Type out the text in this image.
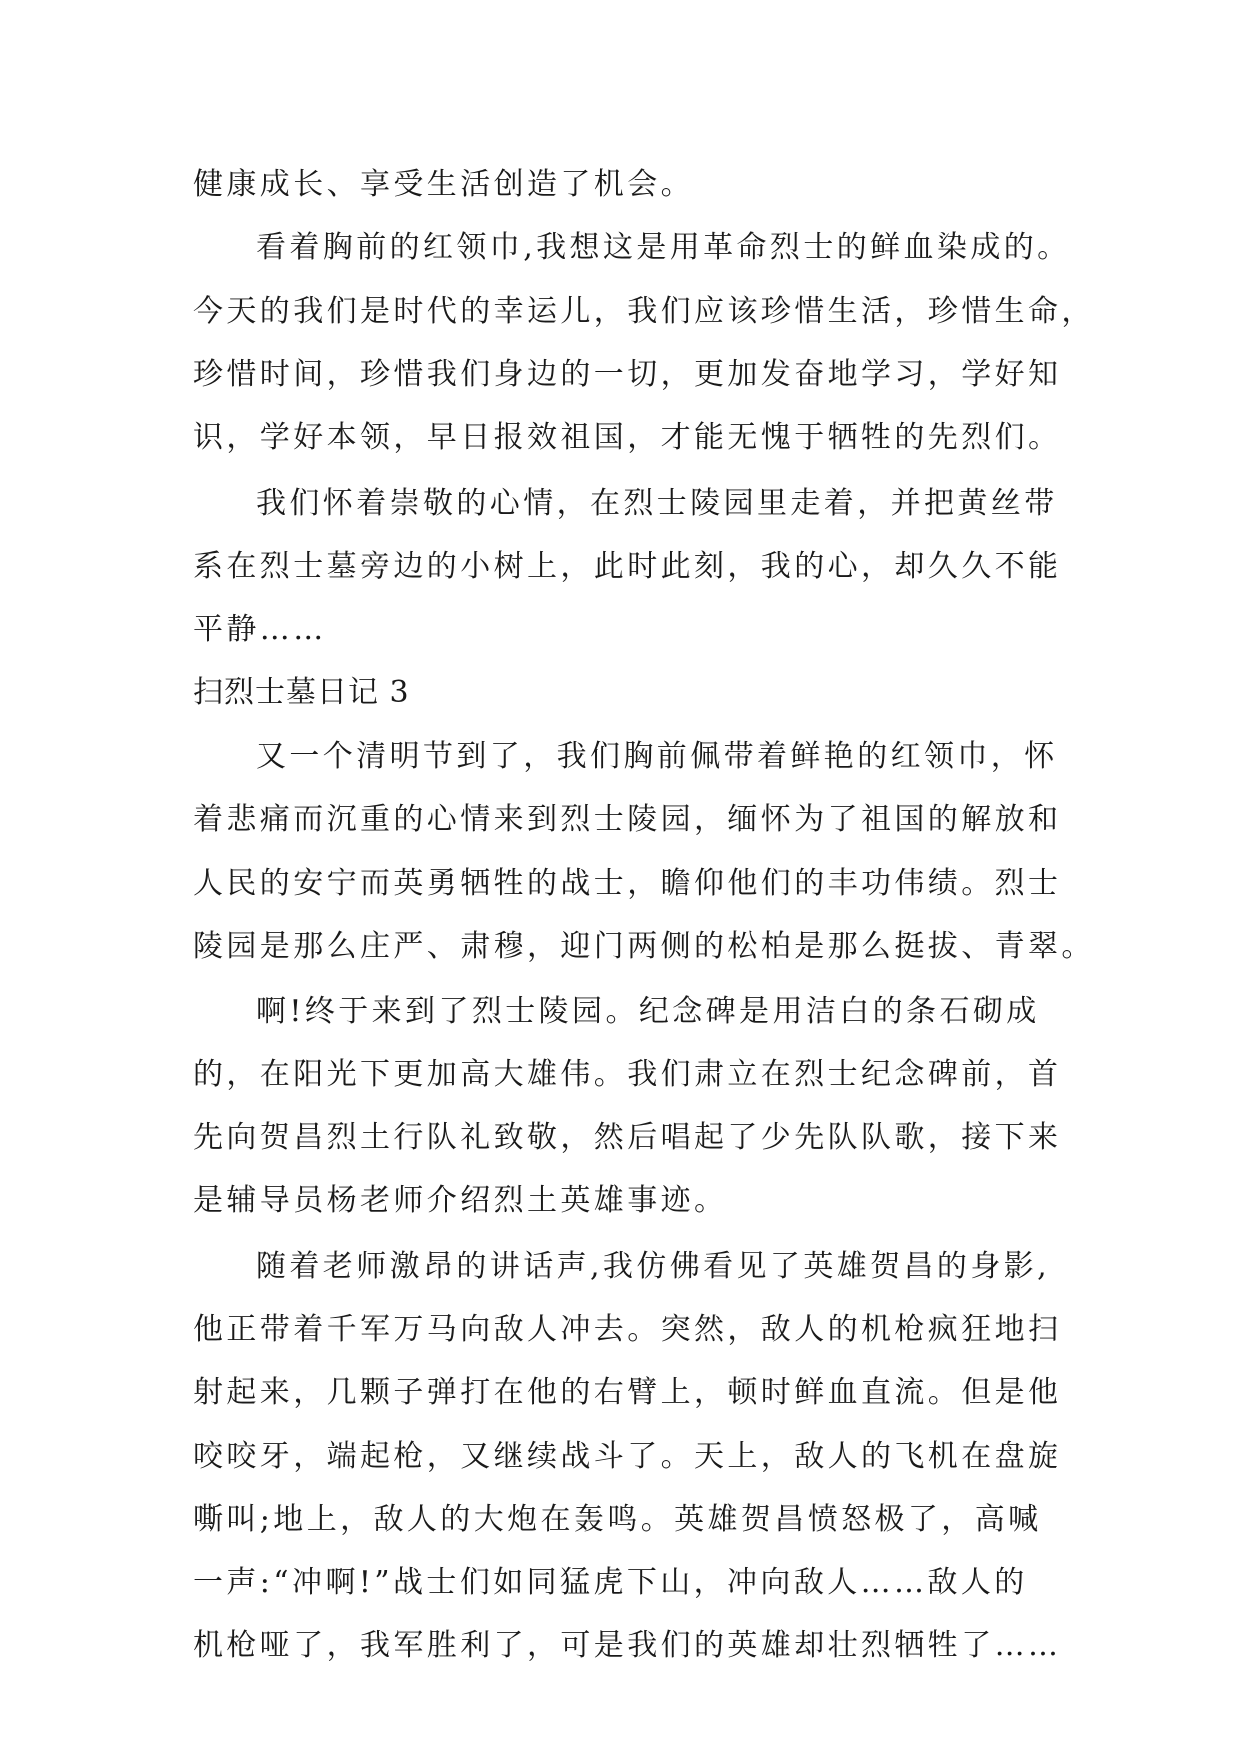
健康成长、享受生活创造了机会。
看着胸前的红领巾,我想这是用革命烈士的鲜血染成的。
今天的我们是时代的幸运儿，我们应该珍惜生活，珍惜生命，
珍惜时间，珍惜我们身边的一切，更加发奋地学习，学好知
识，学好本领，早日报效祖国，才能无愧于牺牲的先烈们。
我们怀着崇敬的心情，在烈士陵园里走着，并把黄丝带
系在烈士墓旁边的小树上，此时此刻，我的心，却久久不能
平静……
扫烈士墓日记 3
又一个清明节到了，我们胸前佩带着鲜艳的红领巾，怀
着悲痛而沉重的心情来到烈士陵园，缅怀为了祖国的解放和
人民的安宁而英勇牺牲的战士，瞻仰他们的丰功伟绩。烈士
陵园是那么庄严、肃穆，迎门两侧的松柏是那么挺拔、青翠。
啊!终于来到了烈士陵园。纪念碑是用洁白的条石砌成
的，在阳光下更加高大雄伟。我们肃立在烈士纪念碑前，首
先向贺昌烈土行队礼致敬，然后唱起了少先队队歌，接下来
是辅导员杨老师介绍烈土英雄事迹。
随着老师激昂的讲话声,我仿佛看见了英雄贺昌的身影,
他正带着千军万马向敌人冲去。突然，敌人的机枪疯狂地扫
射起来，几颗子弹打在他的右臂上，顿时鲜血直流。但是他
咬咬牙，端起枪，又继续战斗了。天上，敌人的飞机在盘旋
嘶叫;地上，敌人的大炮在轰鸣。英雄贺昌愤怒极了，高喊
一声:“冲啊!”战士们如同猛虎下山，冲向敌人……敌人的
机枪哑了，我军胜利了，可是我们的英雄却壮烈牺牲了……
